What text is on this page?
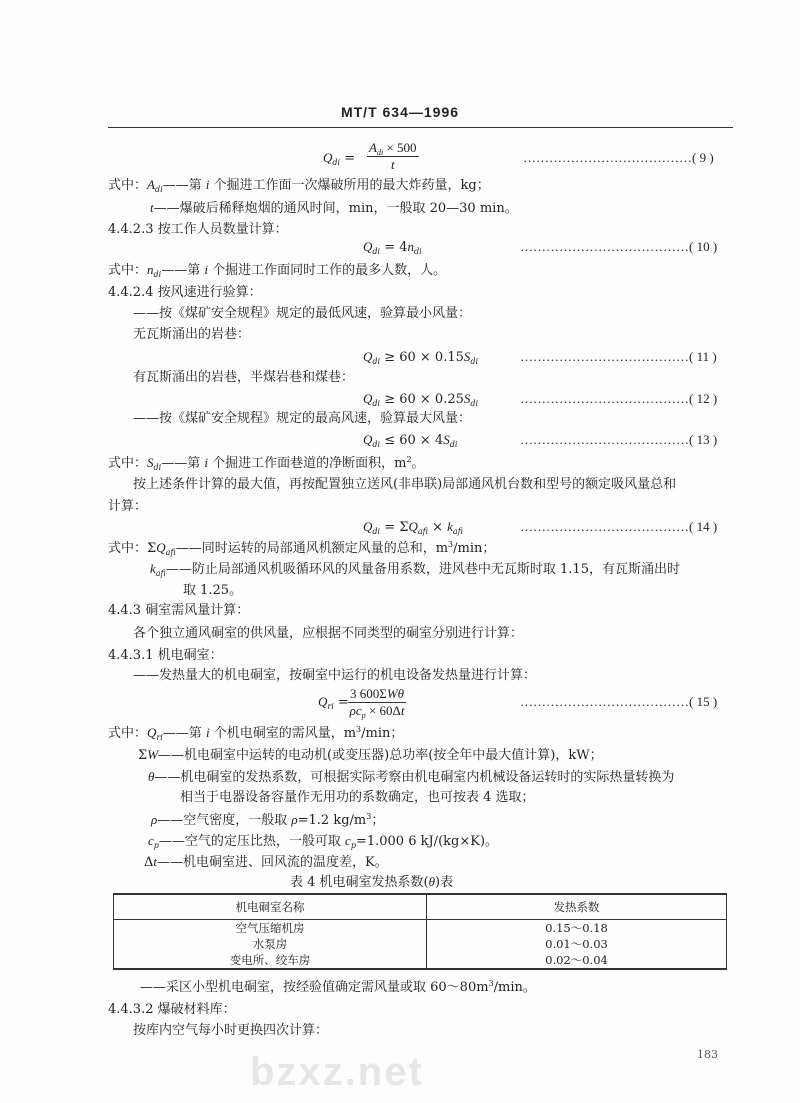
bzxz.net
MT/T 634—1996
$Q_{di}$ =
$A_{di} \times 500$
t	…………………………………( 9 )
式中：$A_{di}——$第 i 个掘进工作面一次爆破所用的最大炸药量，kg；
t——爆破后稀释炮烟的通风时间，min，一般取 20—30 min。
4.4.2.3 按工作人员数量计算：
$Q_{di} = 4n_{di}$	…………………………………( 10 )
式中：$n_{di}——$第 i 个掘进工作面同时工作的最多人数，人。
4.4.2.4 按风速进行验算：
——按《煤矿安全规程》规定的最低风速，验算最小风量：
无瓦斯涌出的岩巷：
$Q_{di} \ge 60 \times 0.15S_{di}$	…………………………………( 11 )
有瓦斯涌出的岩巷，半煤岩巷和煤巷：
$Q_{di} \ge 60 \times 0.25S_{di}$	…………………………………( 12 )
——按《煤矿安全规程》规定的最高风速，验算最大风量：
$Q_{di} \le 60 \times 4S_{di}$	…………………………………( 13 )
式中：$S_{di}——$第 i 个掘进工作面巷道的净断面积，$m^2$。
按上述条件计算的最大值，再按配置独立送风(非串联)局部通风机台数和型号的额定吸风量总和
计算：
$Q_{di} = \Sigma Q_{afi} \times k_{afi}$	…………………………………( 14 )
式中：$\Sigma Q_{afi}——$同时运转的局部通风机额定风量的总和，$m^3/\min$；
$k_{afi}——$防止局部通风机吸循环风的风量备用系数，进风巷中无瓦斯时取 1.15，有瓦斯涌出时
取 1.25。
4.4.3 硐室需风量计算：
各个独立通风硐室的供风量，应根据不同类型的硐室分别进行计算：
4.4.3.1 机电硐室：
——发热量大的机电硐室，按硐室中运行的机电设备发热量进行计算：
$Q_{ri}$ =
3 600ΣWθ
$\rho c_p \times 60\Delta t$
…………………………………( 15 )
式中：$Q_{ri}——$第 i 个机电硐室的需风量，$m^3/\min$；
ΣW——机电硐室中运转的电动机(或变压器)总功率(按全年中最大值计算)，kW；
θ——机电硐室的发热系数，可根据实际考察由机电硐室内机械设备运转时的实际热量转换为
相当于电器设备容量作无用功的系数确定，也可按表 4 选取；
ρ——空气密度，一般取 ρ=1.2 $kg/m^3$；
$c_p——$空气的定压比热，一般可取 $c_p=1.000$ 6 kJ/(kg×K)。
Δt——机电硐室进、回风流的温度差，K。
表 4 机电硐室发热系数(θ)表
机电硐室名称	发热系数
空气压缩机房	0.15～0.18
水泵房	0.01～0.03
变电所、绞车房	0.02～0.04
——采区小型机电硐室，按经验值确定需风量或取 $60\sim 80m^3/\min$。
4.4.3.2 爆破材料库：
按库内空气每小时更换四次计算：
183
